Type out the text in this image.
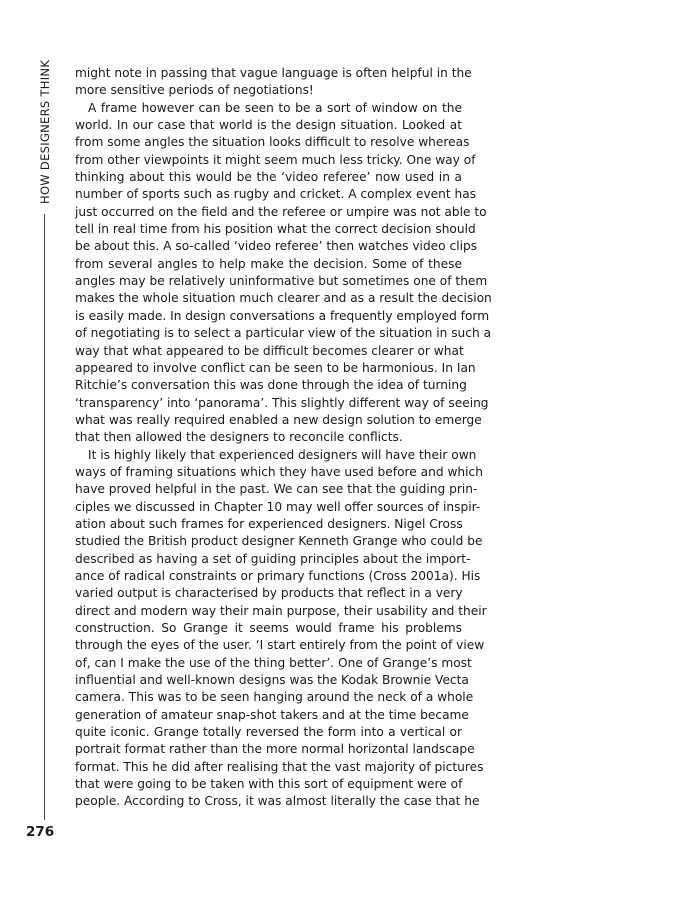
HOW DESIGNERS THINK
276
might note in passing that vague language is often helpful in the
more sensitive periods of negotiations!
A frame however can be seen to be a sort of window on the
world. In our case that world is the design situation. Looked at
from some angles the situation looks difficult to resolve whereas
from other viewpoints it might seem much less tricky. One way of
thinking about this would be the ‘video referee’ now used in a
number of sports such as rugby and cricket. A complex event has
just occurred on the field and the referee or umpire was not able to
tell in real time from his position what the correct decision should
be about this. A so-called ‘video referee’ then watches video clips
from several angles to help make the decision. Some of these
angles may be relatively uninformative but sometimes one of them
makes the whole situation much clearer and as a result the decision
is easily made. In design conversations a frequently employed form
of negotiating is to select a particular view of the situation in such a
way that what appeared to be difficult becomes clearer or what
appeared to involve conflict can be seen to be harmonious. In Ian
Ritchie’s conversation this was done through the idea of turning
‘transparency’ into ‘panorama’. This slightly different way of seeing
what was really required enabled a new design solution to emerge
that then allowed the designers to reconcile conflicts.
It is highly likely that experienced designers will have their own
ways of framing situations which they have used before and which
have proved helpful in the past. We can see that the guiding prin-
ciples we discussed in Chapter 10 may well offer sources of inspir-
ation about such frames for experienced designers. Nigel Cross
studied the British product designer Kenneth Grange who could be
described as having a set of guiding principles about the import-
ance of radical constraints or primary functions (Cross 2001a). His
varied output is characterised by products that reflect in a very
direct and modern way their main purpose, their usability and their
construction. So Grange it seems would frame his problems
through the eyes of the user. ‘I start entirely from the point of view
of, can I make the use of the thing better’. One of Grange’s most
influential and well-known designs was the Kodak Brownie Vecta
camera. This was to be seen hanging around the neck of a whole
generation of amateur snap-shot takers and at the time became
quite iconic. Grange totally reversed the form into a vertical or
portrait format rather than the more normal horizontal landscape
format. This he did after realising that the vast majority of pictures
that were going to be taken with this sort of equipment were of
people. According to Cross, it was almost literally the case that he
